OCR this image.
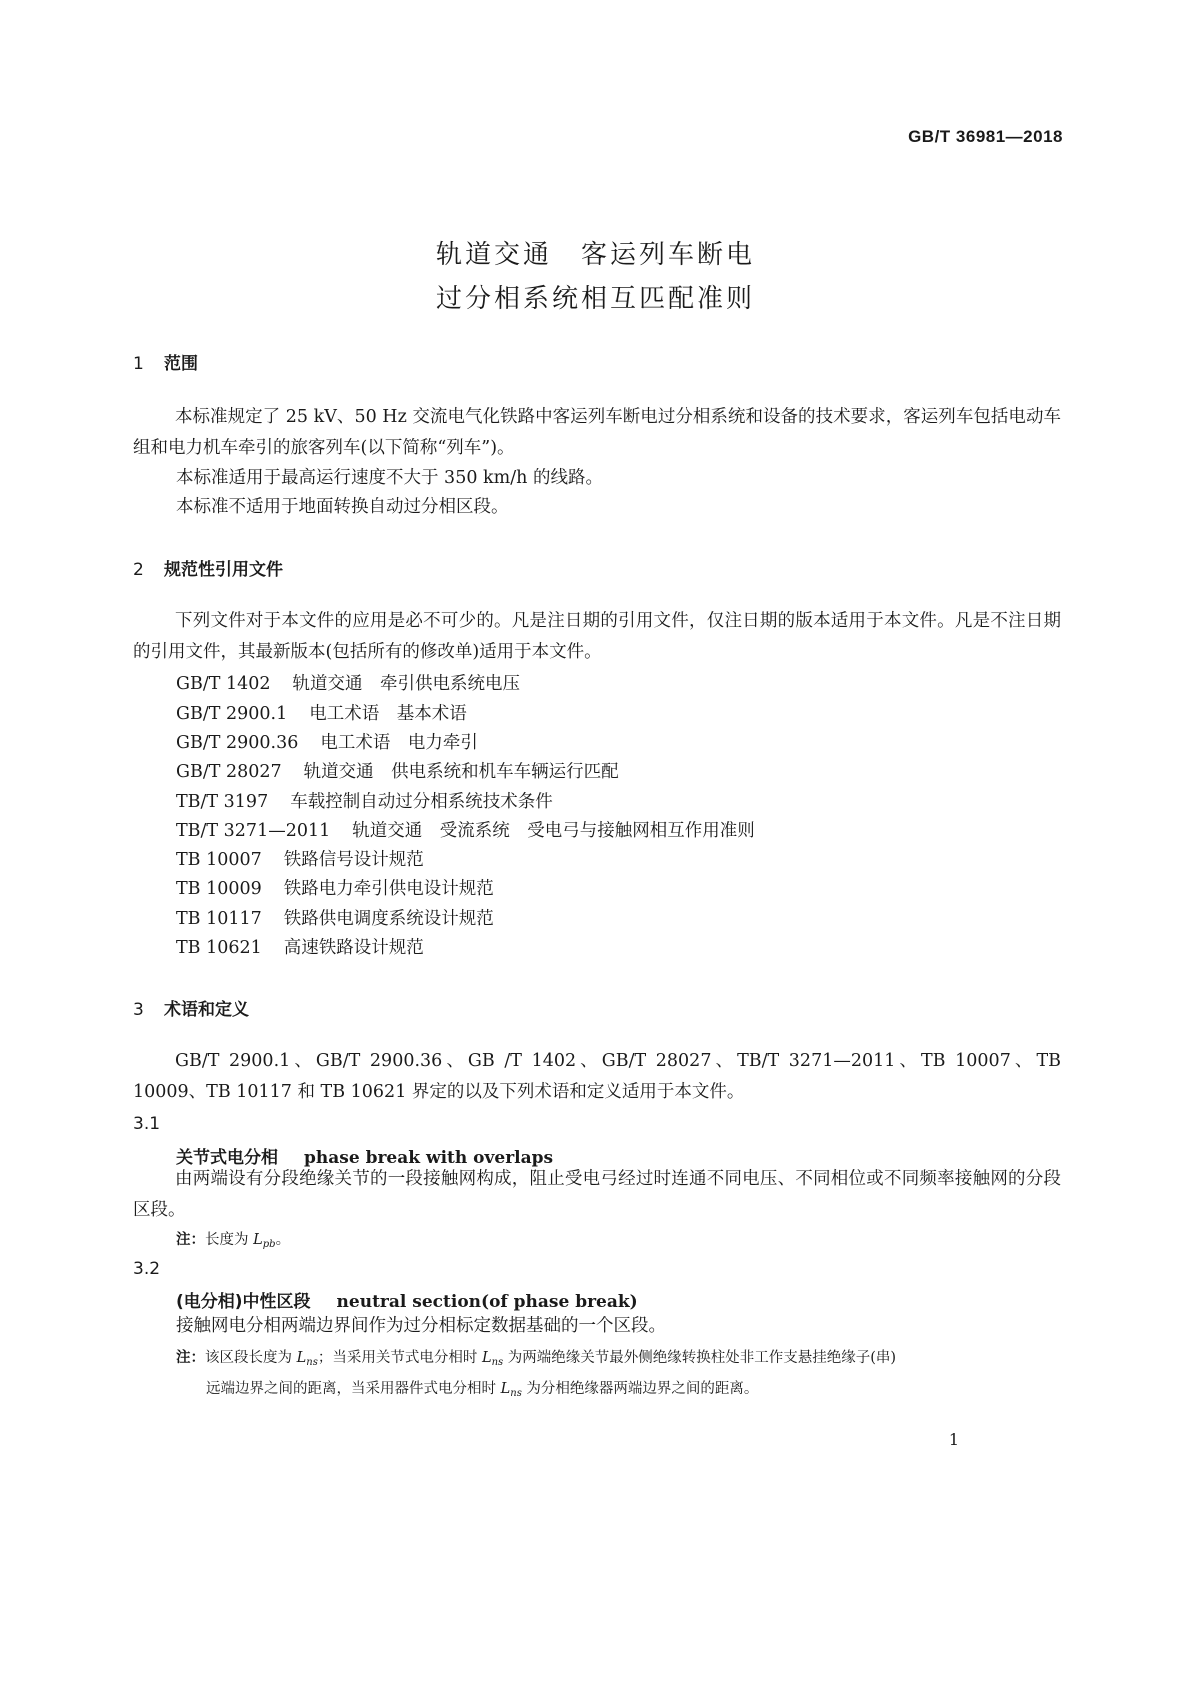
GB/T 36981—2018
轨道交通　客运列车断电
过分相系统相互匹配准则
1 范围
本标准规定了 25 kV、50 Hz 交流电气化铁路中客运列车断电过分相系统和设备的技术要求，客运列车包括电动车组和电力机车牵引的旅客列车(以下简称“列车”)。
本标准适用于最高运行速度不大于 350 km/h 的线路。
本标准不适用于地面转换自动过分相区段。
2 规范性引用文件
下列文件对于本文件的应用是必不可少的。凡是注日期的引用文件，仅注日期的版本适用于本文件。凡是不注日期的引用文件，其最新版本(包括所有的修改单)适用于本文件。
GB/T 1402 轨道交通　牵引供电系统电压
GB/T 2900.1 电工术语　基本术语
GB/T 2900.36 电工术语　电力牵引
GB/T 28027 轨道交通　供电系统和机车车辆运行匹配
TB/T 3197 车载控制自动过分相系统技术条件
TB/T 3271—2011 轨道交通　受流系统　受电弓与接触网相互作用准则
TB 10007 铁路信号设计规范
TB 10009 铁路电力牵引供电设计规范
TB 10117 铁路供电调度系统设计规范
TB 10621 高速铁路设计规范
3 术语和定义
GB/T 2900.1、GB/T 2900.36、GB /T 1402、GB/T 28027、TB/T 3271—2011、TB 10007、TB 10009、TB 10117 和 TB 10621 界定的以及下列术语和定义适用于本文件。
3.1
关节式电分相 phase break with overlaps
由两端设有分段绝缘关节的一段接触网构成，阻止受电弓经过时连通不同电压、不同相位或不同频率接触网的分段区段。
注：长度为 $L_{pb}$。
3.2
(电分相)中性区段 neutral section(of phase break)
接触网电分相两端边界间作为过分相标定数据基础的一个区段。
注：该区段长度为 $L_{ns}$；当采用关节式电分相时 $L_{ns}$ 为两端绝缘关节最外侧绝缘转换柱处非工作支悬挂绝缘子(串)
远端边界之间的距离，当采用器件式电分相时 $L_{ns}$ 为分相绝缘器两端边界之间的距离。
1
